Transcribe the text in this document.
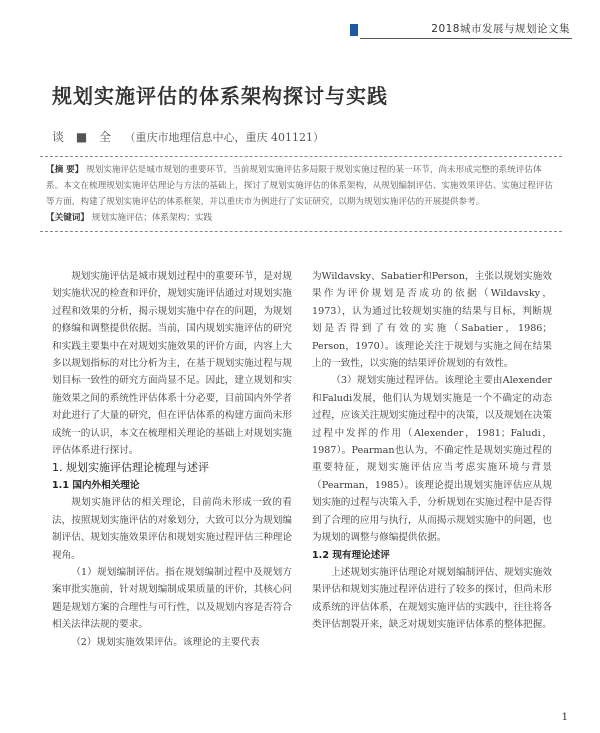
2018城市发展与规划论文集
规划实施评估的体系架构探讨与实践
谈 ■ 全 （重庆市地理信息中心，重庆 401121）
【摘 要】 规划实施评估是城市规划的重要环节，当前规划实施评估多局限于规划实施过程的某一环节，尚未形成完整的系统评估体系。本文在梳理规划实施评估理论与方法的基础上，探讨了规划实施评估的体系架构，从规划编制评估、实施效果评估、实施过程评估等方面，构建了规划实施评估的体系框架，并以重庆市为例进行了实证研究，以期为规划实施评估的开展提供参考。
【关键词】 规划实施评估；体系架构；实践

规划实施评估是城市规划过程中的重要环节，是对规划实施状况的检查和评价，规划实施评估通过对规划实施过程和效果的分析，揭示规划实施中存在的问题，为规划的修编和调整提供依据。当前，国内规划实施评估的研究和实践主要集中在对规划实施效果的评价方面，内容上大多以规划指标的对比分析为主，在基于规划实施过程与规划目标一致性的研究方面尚显不足。因此，建立规划和实施效果之间的系统性评估体系十分必要，目前国内外学者对此进行了大量的研究，但在评估体系的构建方面尚未形成统一的认识，本文在梳理相关理论的基础上对规划实施评估体系进行探讨。

1. 规划实施评估理论梳理与述评

1.1 国内外相关理论

规划实施评估的相关理论，目前尚未形成一致的看法，按照规划实施评估的对象划分，大致可以分为规划编制评估、规划实施效果评估和规划实施过程评估三种理论视角。

（1）规划编制评估。指在规划编制过程中及规划方案审批实施前，针对规划编制成果质量的评价，其核心问题是规划方案的合理性与可行性，以及规划内容是否符合相关法律法规的要求。

（2）规划实施效果评估。该理论的主要代表

为Wildavsky、Sabatier和Person，主张以规划实施效果作为评价规划是否成功的依据（Wildavsky，1973），认为通过比较规划实施的结果与目标，判断规划是否得到了有效的实施（Sabatier，1986；Person，1970）。该理论关注于规划与实施之间在结果上的一致性，以实施的结果评价规划的有效性。

（3）规划实施过程评估。该理论主要由Alexender和Faludi发展，他们认为规划实施是一个不确定的动态过程，应该关注规划实施过程中的决策，以及规划在决策过程中发挥的作用（Alexender，1981；Faludi，1987）。Pearman也认为，不确定性是规划实施过程的重要特征，规划实施评估应当考虑实施环境与背景（Pearman，1985）。该理论提出规划实施评估应从规划实施的过程与决策入手，分析规划在实施过程中是否得到了合理的应用与执行，从而揭示规划实施中的问题，也为规划的调整与修编提供依据。

1.2 现有理论述评

上述规划实施评估理论对规划编制评估、规划实施效果评估和规划实施过程评估进行了较多的探讨，但尚未形成系统的评估体系，在规划实施评估的实践中，往往将各类评估割裂开来，缺乏对规划实施评估体系的整体把握。

1
